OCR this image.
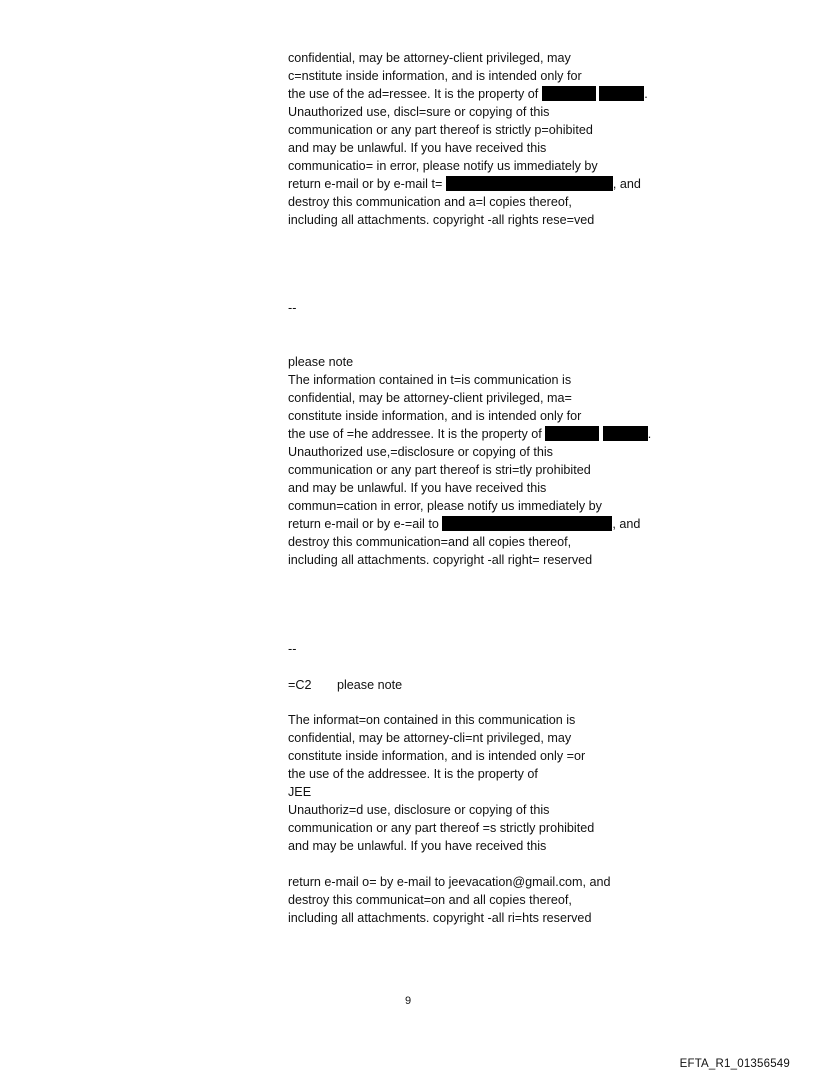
confidential, may be attorney-client privileged, may
c=nstitute inside information, and is intended only for
the use of the ad=ressee. It is the property of	.
Unauthorized use, discl=sure or copying of this
communication or any part thereof is strictly p=ohibited
and may be unlawful. If you have received this
communicatio= in error, please notify us immediately by
return e-mail or by e-mail t=	, and
destroy this communication and a=l copies thereof,
including all attachments. copyright -all rights rese=ved
--
please note
The information contained in t=is communication is
confidential, may be attorney-client privileged, ma=
constitute inside information, and is intended only for
the use of =he addressee. It is the property of	.
Unauthorized use,=disclosure or copying of this
communication or any part thereof is stri=tly prohibited
and may be unlawful. If you have received this
commun=cation in error, please notify us immediately by
return e-mail or by e-=ail to	, and
destroy this communication=and all copies thereof,
including all attachments. copyright -all right= reserved
--
=C2 please note
The informat=on contained in this communication is
confidential, may be attorney-cli=nt privileged, may
constitute inside information, and is intended only =or
the use of the addressee. It is the property of
JEE
Unauthoriz=d use, disclosure or copying of this
communication or any part thereof =s strictly prohibited
and may be unlawful. If you have received this
return e-mail o= by e-mail to jeevacation@gmail.com, and
destroy this communicat=on and all copies thereof,
including all attachments. copyright -all ri=hts reserved
9
EFTA_R1_01356549
